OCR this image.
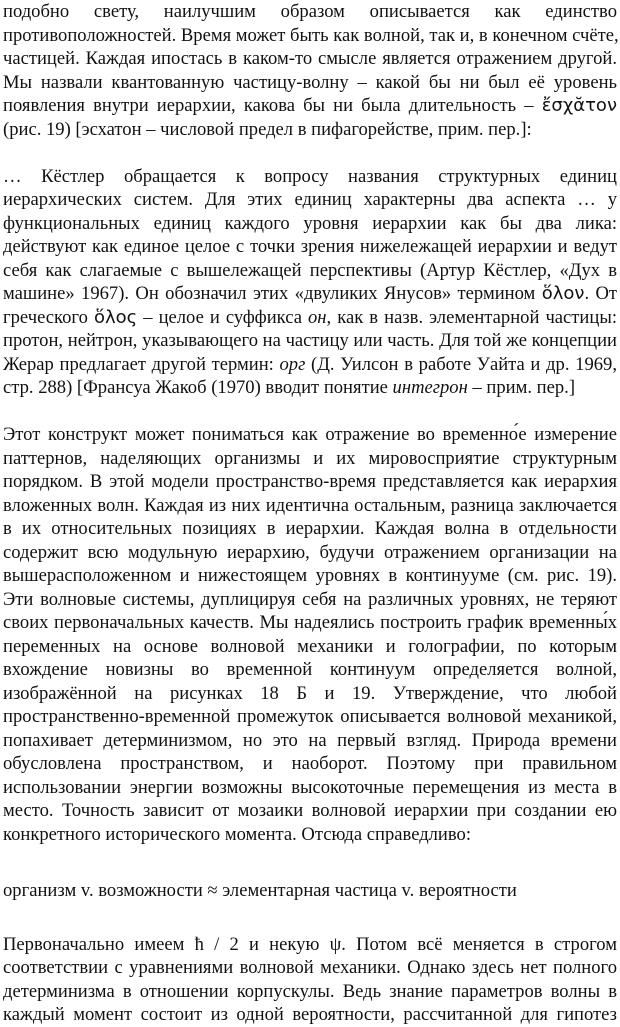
подобно свету, наилучшим образом описывается как единство
противоположностей. Время может быть как волной, так и, в конечном счёте,
частицей. Каждая ипостась в каком-то смысле является отражением другой.
Мы назвали квантованную частицу-волну – какой бы ни был её уровень
появления внутри иерархии, какова бы ни была длительность – ἔσχᾰτον
(рис. 19) [эсхатон – числовой предел в пифагорействе, прим. пер.]:
… Кёстлер обращается к вопросу названия структурных единиц
иерархических систем. Для этих единиц характерны два аспекта … у
функциональных единиц каждого уровня иерархии как бы два лика:
действуют как единое целое с точки зрения нижележащей иерархии и ведут
себя как слагаемые с вышележащей перспективы (Артур Кёстлер, «Дух в
машине» 1967). Он обозначил этих «двуликих Янусов» термином ὅλον. От
греческого ὅλος – целое и суффикса он, как в назв. элементарной частицы:
протон, нейтрон, указывающего на частицу или часть. Для той же концепции
Жерар предлагает другой термин: орг (Д. Уилсон в работе Уайта и др. 1969,
стр. 288) [Франсуа Жакоб (1970) вводит понятие интегрон – прим. пер.]
Этот конструкт может пониматься как отражение во временно́е измерение
паттернов, наделяющих организмы и их мировосприятие структурным
порядком. В этой модели пространство-время представляется как иерархия
вложенных волн. Каждая из них идентична остальным, разница заключается
в их относительных позициях в иерархии. Каждая волна в отдельности
содержит всю модульную иерархию, будучи отражением организации на
вышерасположенном и нижестоящем уровнях в континууме (см. рис. 19).
Эти волновые системы, дуплицируя себя на различных уровнях, не теряют
своих первоначальных качеств. Мы надеялись построить график временны́х
переменных на основе волновой механики и голографии, по которым
вхождение новизны во временной континуум определяется волной,
изображённой на рисунках 18 Б и 19. Утверждение, что любой
пространственно-временной промежуток описывается волновой механикой,
попахивает детерминизмом, но это на первый взгляд. Природа времени
обусловлена пространством, и наоборот. Поэтому при правильном
использовании энергии возможны высокоточные перемещения из места в
место. Точность зависит от мозаики волновой иерархии при создании ею
конкретного исторического момента. Отсюда справедливо:
организм v. возможности ≈ элементарная частица v. вероятности
Первоначально имеем ħ / 2 и некую ψ. Потом всё меняется в строгом
соответствии с уравнениями волновой механики. Однако здесь нет полного
детерминизма в отношении корпускулы. Ведь знание параметров волны в
каждый момент состоит из одной вероятности, рассчитанной для гипотез
